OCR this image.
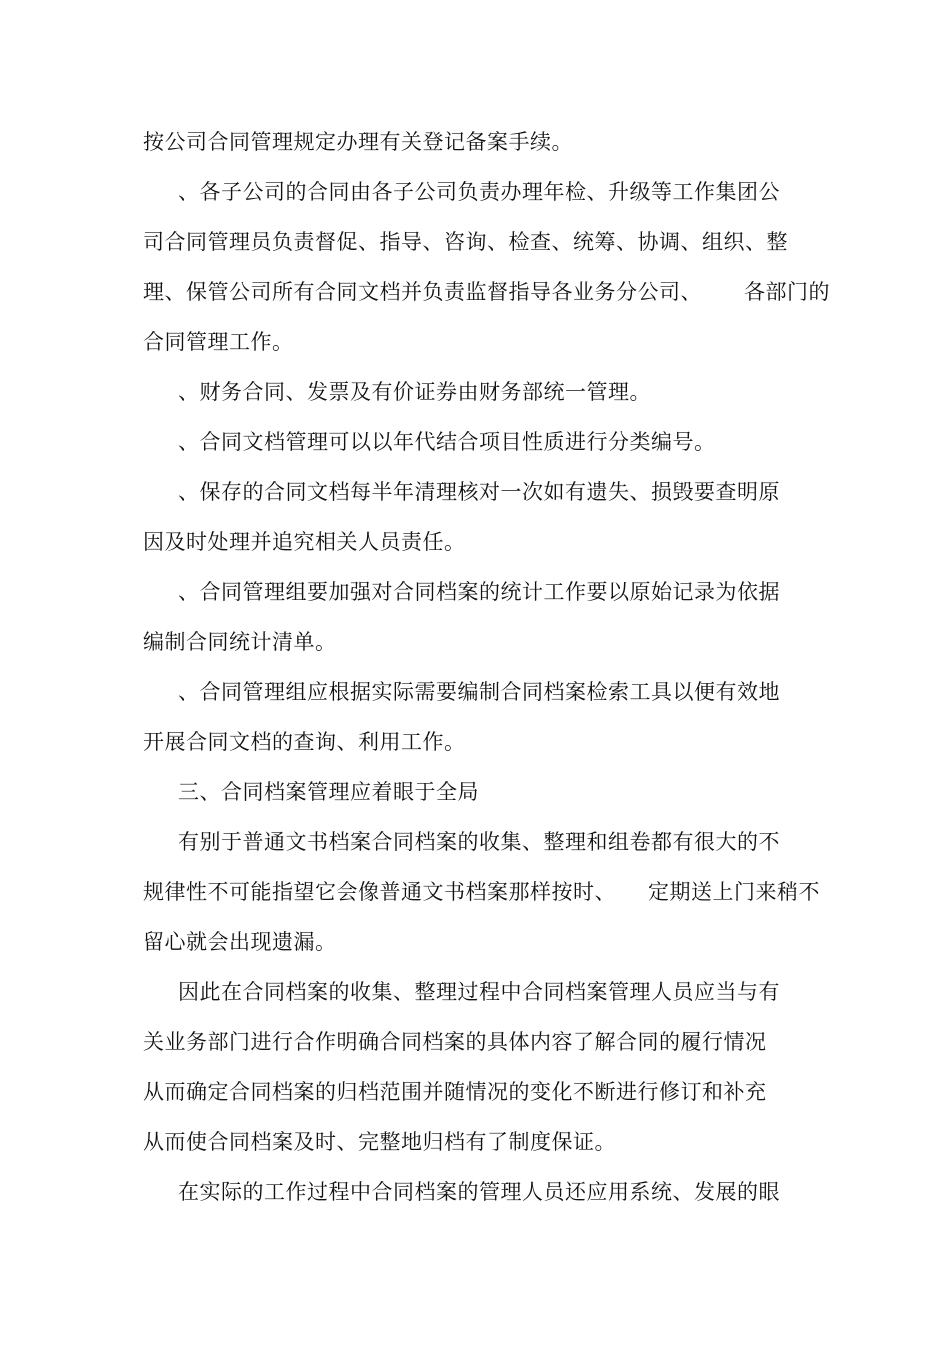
按公司合同管理规定办理有关登记备案手续。
、各子公司的合同由各子公司负责办理年检、升级等工作集团公
司合同管理员负责督促、指导、咨询、检查、统筹、协调、组织、整
理、保管公司所有合同文档并负责监督指导各业务分公司、 各部门的
合同管理工作。
、财务合同、发票及有价证券由财务部统一管理。
、合同文档管理可以以年代结合项目性质进行分类编号。
、保存的合同文档每半年清理核对一次如有遗失、损毁要查明原
因及时处理并追究相关人员责任。
、合同管理组要加强对合同档案的统计工作要以原始记录为依据
编制合同统计清单。
、合同管理组应根据实际需要编制合同档案检索工具以便有效地
开展合同文档的查询、利用工作。
三、合同档案管理应着眼于全局
有别于普通文书档案合同档案的收集、整理和组卷都有很大的不
规律性不可能指望它会像普通文书档案那样按时、 定期送上门来稍不
留心就会出现遗漏。
因此在合同档案的收集、整理过程中合同档案管理人员应当与有
关业务部门进行合作明确合同档案的具体内容了解合同的履行情况
从而确定合同档案的归档范围并随情况的变化不断进行修订和补充
从而使合同档案及时、完整地归档有了制度保证。
在实际的工作过程中合同档案的管理人员还应用系统、发展的眼
